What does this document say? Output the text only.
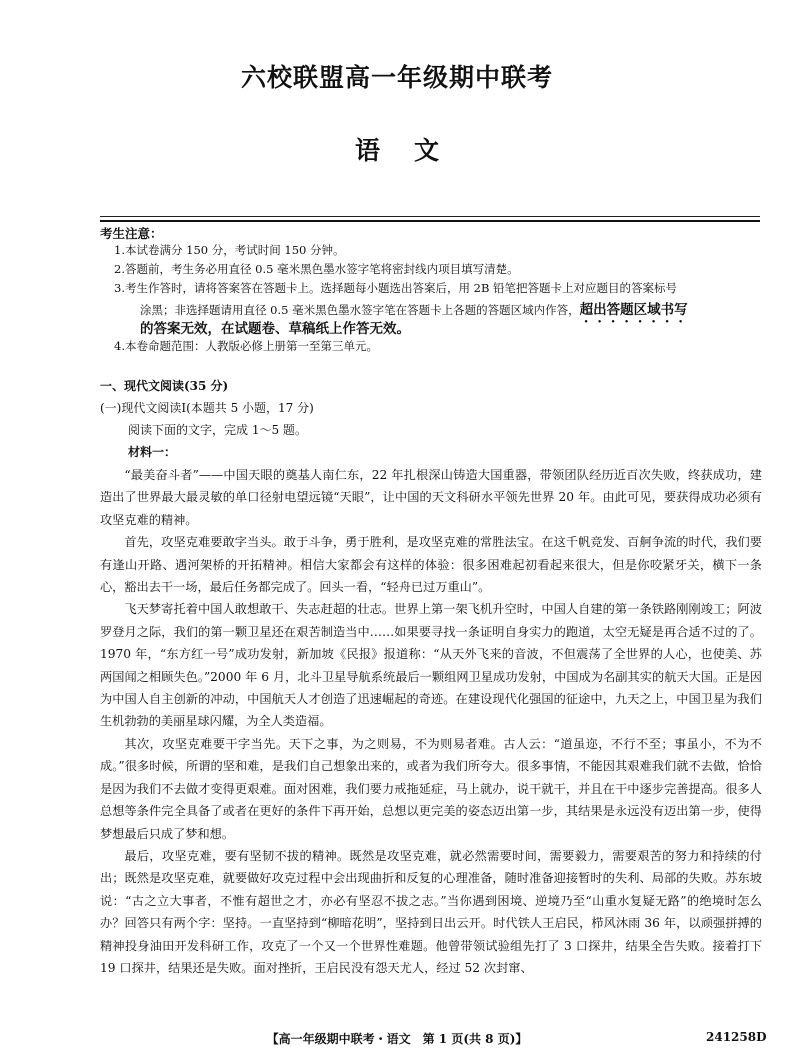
六校联盟高一年级期中联考
语文
考生注意：
1.本试卷满分 150 分，考试时间 150 分钟。
2.答题前，考生务必用直径 0.5 毫米黑色墨水签字笔将密封线内项目填写清楚。
3.考生作答时，请将答案答在答题卡上。选择题每小题选出答案后，用 2B 铅笔把答题卡上对应题目的答案标号
涂黑；非选择题请用直径 0.5 毫米黑色墨水签字笔在答题卡上各题的答题区域内作答，超出答题区域书写
的答案无效，在试题卷、草稿纸上作答无效。
4.本卷命题范围：人教版必修上册第一至第三单元。
一、现代文阅读(35 分)
(一)现代文阅读Ⅰ(本题共 5 小题，17 分)
阅读下面的文字，完成 1～5 题。
材料一：

“最美奋斗者”——中国天眼的奠基人南仁东，22 年扎根深山铸造大国重器，带领团队经历近百次失败，终获成功，建造出了世界最大最灵敏的单口径射电望远镜“天眼”，让中国的天文科研水平领先世界 20 年。由此可见，要获得成功必须有攻坚克难的精神。

首先，攻坚克难要敢字当头。敢于斗争，勇于胜利，是攻坚克难的常胜法宝。在这千帆竞发、百舸争流的时代，我们要有逢山开路、遇河架桥的开拓精神。相信大家都会有这样的体验：很多困难起初看起来很大，但是你咬紧牙关，横下一条心，豁出去干一场，最后任务都完成了。回头一看，“轻舟已过万重山”。

飞天梦寄托着中国人敢想敢干、失志赶超的壮志。世界上第一架飞机升空时，中国人自建的第一条铁路刚刚竣工；阿波罗登月之际，我们的第一颗卫星还在艰苦制造当中……如果要寻找一条证明自身实力的跑道，太空无疑是再合适不过的了。1970 年，“东方红一号”成功发射，新加坡《民报》报道称：“从天外飞来的音波，不但震荡了全世界的人心，也使美、苏两国闻之相顾失色。”2000 年 6 月，北斗卫星导航系统最后一颗组网卫星成功发射，中国成为名副其实的航天大国。正是因为中国人自主创新的冲动，中国航天人才创造了迅速崛起的奇迹。在建设现代化强国的征途中，九天之上，中国卫星为我们生机勃勃的美丽星球闪耀，为全人类造福。

其次，攻坚克难要干字当先。天下之事，为之则易，不为则易者难。古人云：“道虽迩，不行不至；事虽小，不为不成。”很多时候，所谓的坚和难，是我们自己想象出来的，或者为我们所夸大。很多事情，不能因其艰难我们就不去做，恰恰是因为我们不去做才变得更艰难。面对困难，我们要力戒拖延症，马上就办，说干就干，并且在干中逐步完善提高。很多人总想等条件完全具备了或者在更好的条件下再开始，总想以更完美的姿态迈出第一步，其结果是永远没有迈出第一步，使得梦想最后只成了梦和想。

最后，攻坚克难，要有坚韧不拔的精神。既然是攻坚克难，就必然需要时间，需要毅力，需要艰苦的努力和持续的付出；既然是攻坚克难，就要做好攻克过程中会出现曲折和反复的心理准备，随时准备迎接暂时的失利、局部的失败。苏东坡说：“古之立大事者，不惟有超世之才，亦必有坚忍不拔之志。”当你遇到困境、逆境乃至“山重水复疑无路”的绝境时怎么办？回答只有两个字：坚持。一直坚持到“柳暗花明”，坚持到日出云开。时代铁人王启民，栉风沐雨 36 年，以顽强拼搏的精神投身油田开发科研工作，攻克了一个又一个世界性难题。他曾带领试验组先打了 3 口探井，结果全告失败。接着打下 19 口探井，结果还是失败。面对挫折，王启民没有怨天尤人，经过 52 次封窜、

【高一年级期中联考・语文　第 1 页(共 8 页)】	241258D
